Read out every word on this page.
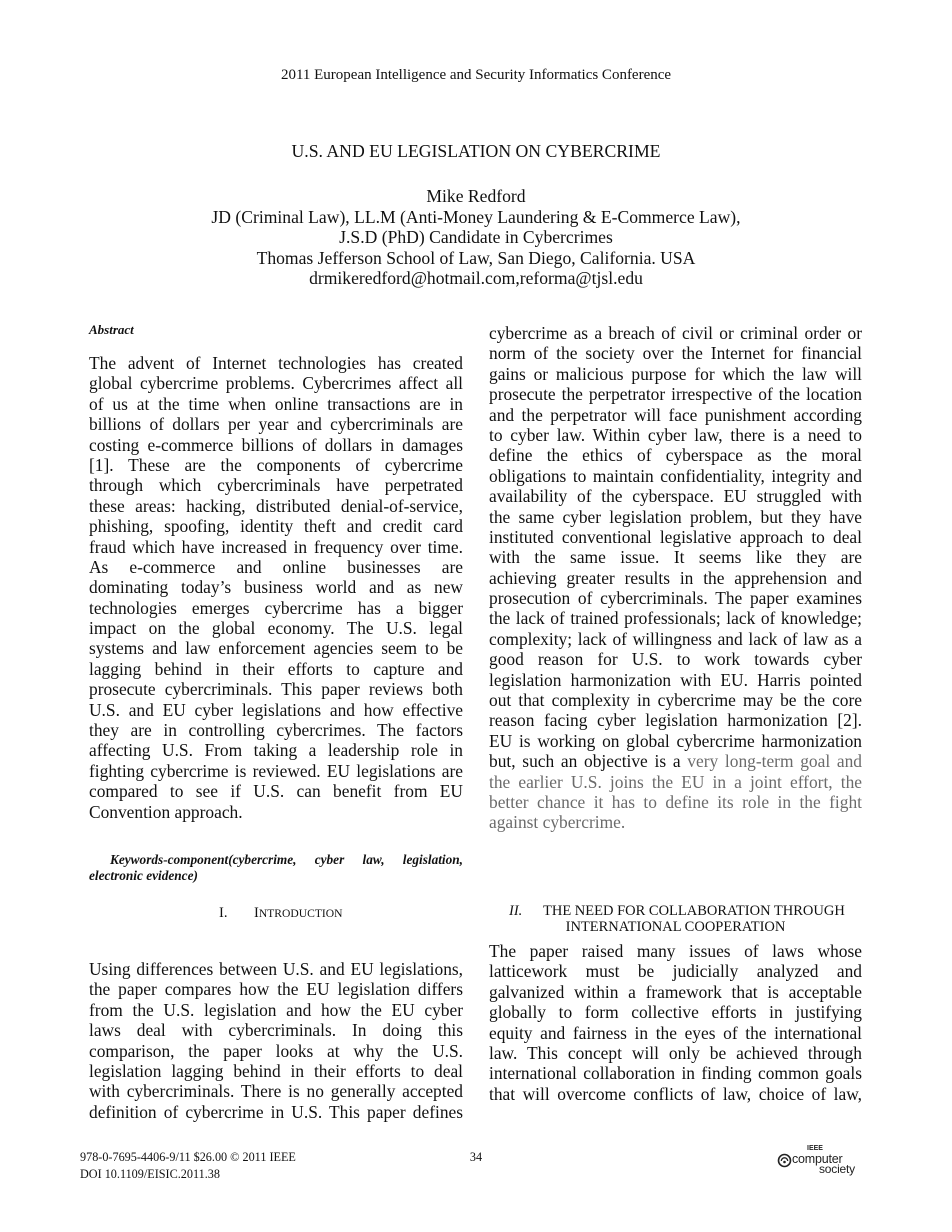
2011 European Intelligence and Security Informatics Conference
U.S. AND EU LEGISLATION ON CYBERCRIME
Mike Redford
JD (Criminal Law), LL.M (Anti-Money Laundering & E-Commerce Law),
J.S.D (PhD) Candidate in Cybercrimes
Thomas Jefferson School of Law, San Diego, California. USA
drmikeredford@hotmail.com,reforma@tjsl.edu
Abstract
The advent of Internet technologies has created
global cybercrime problems. Cybercrimes affect all
of us at the time when online transactions are in
billions of dollars per year and cybercriminals are
costing e-commerce billions of dollars in damages
[1]. These are the components of cybercrime
through which cybercriminals have perpetrated
these areas: hacking, distributed denial-of-service,
phishing, spoofing, identity theft and credit card
fraud which have increased in frequency over time.
As e-commerce and online businesses are
dominating today’s business world and as new
technologies emerges cybercrime has a bigger
impact on the global economy. The U.S. legal
systems and law enforcement agencies seem to be
lagging behind in their efforts to capture and
prosecute cybercriminals. This paper reviews both
U.S. and EU cyber legislations and how effective
they are in controlling cybercrimes. The factors
affecting U.S. From taking a leadership role in
fighting cybercrime is reviewed. EU legislations are
compared to see if U.S. can benefit from EU
Convention approach.
Keywords-component(cybercrime, cyber law, legislation,
electronic evidence)
I. INTRODUCTION
Using differences between U.S. and EU legislations,
the paper compares how the EU legislation differs
from the U.S. legislation and how the EU cyber
laws deal with cybercriminals. In doing this
comparison, the paper looks at why the U.S.
legislation lagging behind in their efforts to deal
with cybercriminals. There is no generally accepted
definition of cybercrime in U.S. This paper defines
cybercrime as a breach of civil or criminal order or
norm of the society over the Internet for financial
gains or malicious purpose for which the law will
prosecute the perpetrator irrespective of the location
and the perpetrator will face punishment according
to cyber law. Within cyber law, there is a need to
define the ethics of cyberspace as the moral
obligations to maintain confidentiality, integrity and
availability of the cyberspace. EU struggled with
the same cyber legislation problem, but they have
instituted conventional legislative approach to deal
with the same issue. It seems like they are
achieving greater results in the apprehension and
prosecution of cybercriminals. The paper examines
the lack of trained professionals; lack of knowledge;
complexity; lack of willingness and lack of law as a
good reason for U.S. to work towards cyber
legislation harmonization with EU. Harris pointed
out that complexity in cybercrime may be the core
reason facing cyber legislation harmonization [2].
EU is working on global cybercrime harmonization
but, such an objective is a very long-term goal and
the earlier U.S. joins the EU in a joint effort, the
better chance it has to define its role in the fight
against cybercrime.
II. THE NEED FOR COLLABORATION THROUGH
INTERNATIONAL COOPERATION
The paper raised many issues of laws whose
latticework must be judicially analyzed and
galvanized within a framework that is acceptable
globally to form collective efforts in justifying
equity and fairness in the eyes of the international
law. This concept will only be achieved through
international collaboration in finding common goals
that will overcome conflicts of law, choice of law,
978-0-7695-4406-9/11 $26.00 © 2011 IEEE
DOI 10.1109/EISIC.2011.38
34
IEEE
computer
society
